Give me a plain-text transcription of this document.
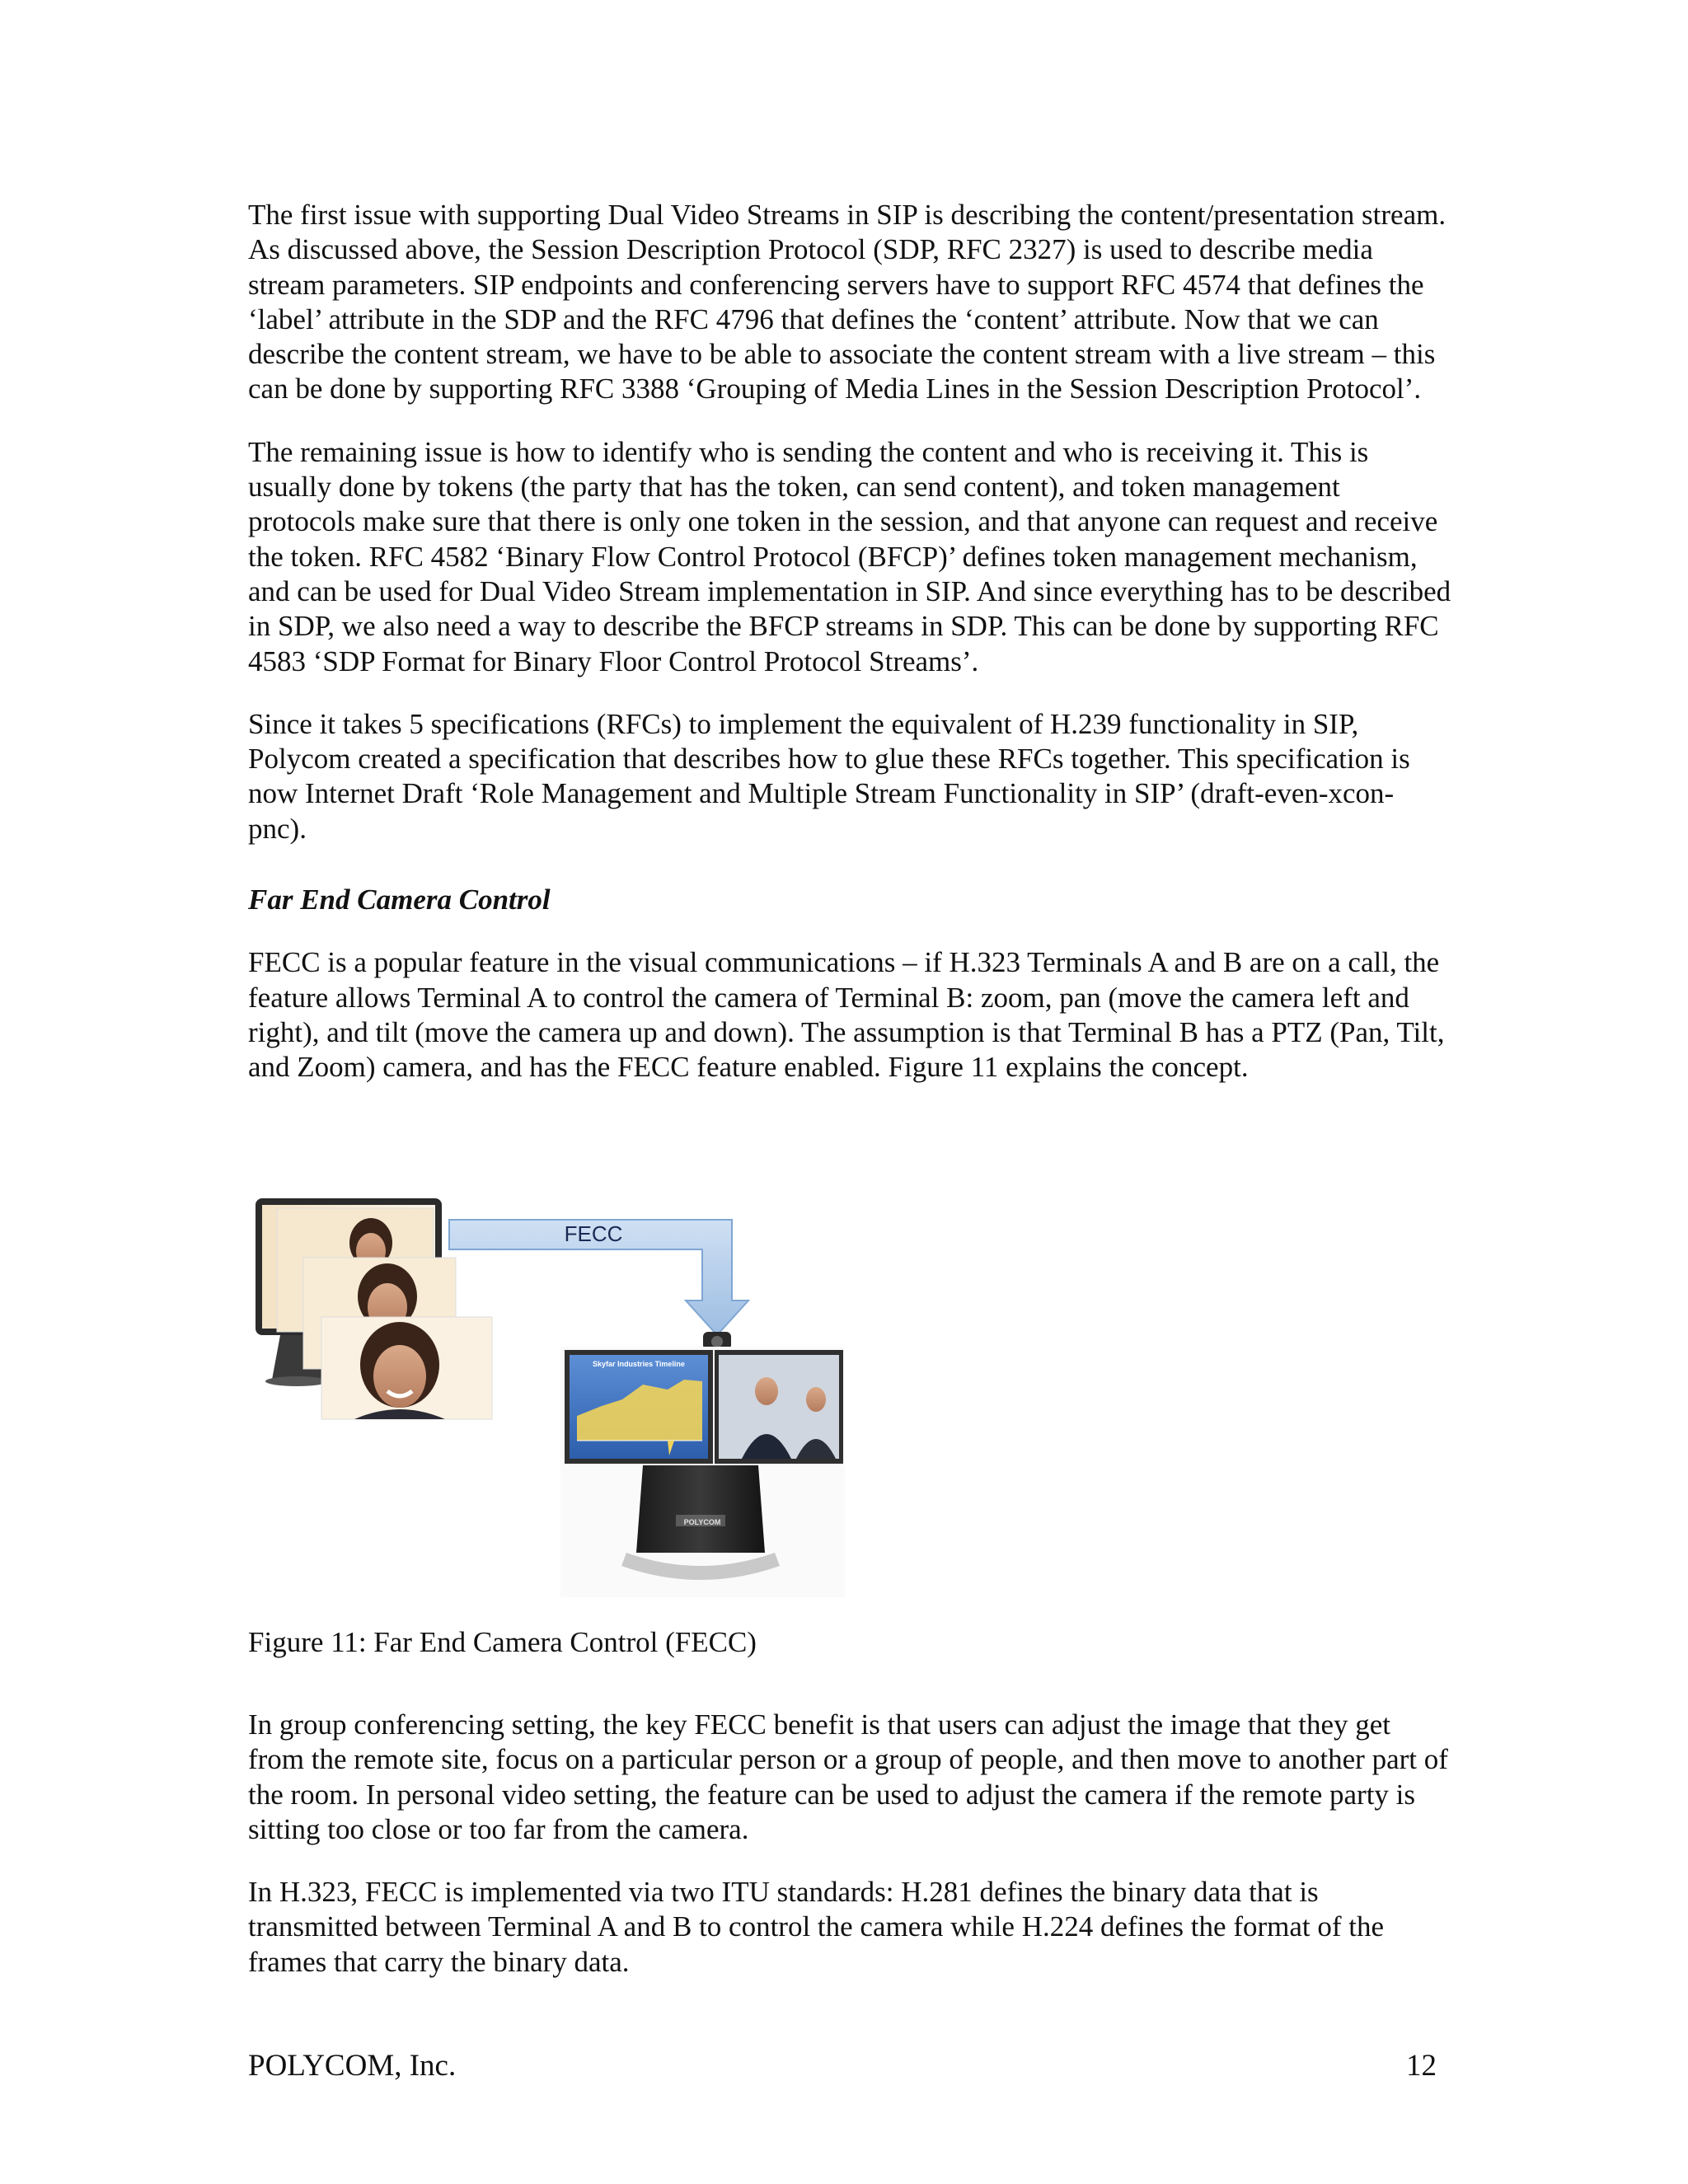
The first issue with supporting Dual Video Streams in SIP is describing the content/presentation stream. As discussed above, the Session Description Protocol (SDP, RFC 2327) is used to describe media stream parameters. SIP endpoints and conferencing servers have to support RFC 4574 that defines the ‘label’ attribute in the SDP and the RFC 4796 that defines the ‘content’ attribute. Now that we can describe the content stream, we have to be able to associate the content stream with a live stream – this can be done by supporting RFC 3388 ‘Grouping of Media Lines in the Session Description Protocol’.

The remaining issue is how to identify who is sending the content and who is receiving it. This is usually done by tokens (the party that has the token, can send content), and token management protocols make sure that there is only one token in the session, and that anyone can request and receive the token. RFC 4582 ‘Binary Flow Control Protocol (BFCP)’ defines token management mechanism, and can be used for Dual Video Stream implementation in SIP. And since everything has to be described in SDP, we also need a way to describe the BFCP streams in SDP. This can be done by supporting RFC 4583 ‘SDP Format for Binary Floor Control Protocol Streams’.

Since it takes 5 specifications (RFCs) to implement the equivalent of H.239 functionality in SIP, Polycom created a specification that describes how to glue these RFCs together. This specification is now Internet Draft ‘Role Management and Multiple Stream Functionality in SIP’ (draft-even-xcon-pnc).

Far End Camera Control

FECC is a popular feature in the visual communications – if H.323 Terminals A and B are on a call, the feature allows Terminal A to control the camera of Terminal B: zoom, pan (move the camera left and right), and tilt (move the camera up and down). The assumption is that Terminal B has a PTZ (Pan, Tilt, and Zoom) camera, and has the FECC feature enabled. Figure 11 explains the concept.

FECC
Skyfar Industries Timeline
POLYCOM
Figure 11: Far End Camera Control (FECC)

In group conferencing setting, the key FECC benefit is that users can adjust the image that they get from the remote site, focus on a particular person or a group of people, and then move to another part of the room. In personal video setting, the feature can be used to adjust the camera if the remote party is sitting too close or too far from the camera.

In H.323, FECC is implemented via two ITU standards: H.281 defines the binary data that is transmitted between Terminal A and B to control the camera while H.224 defines the format of the frames that carry the binary data.

POLYCOM, Inc.	12
